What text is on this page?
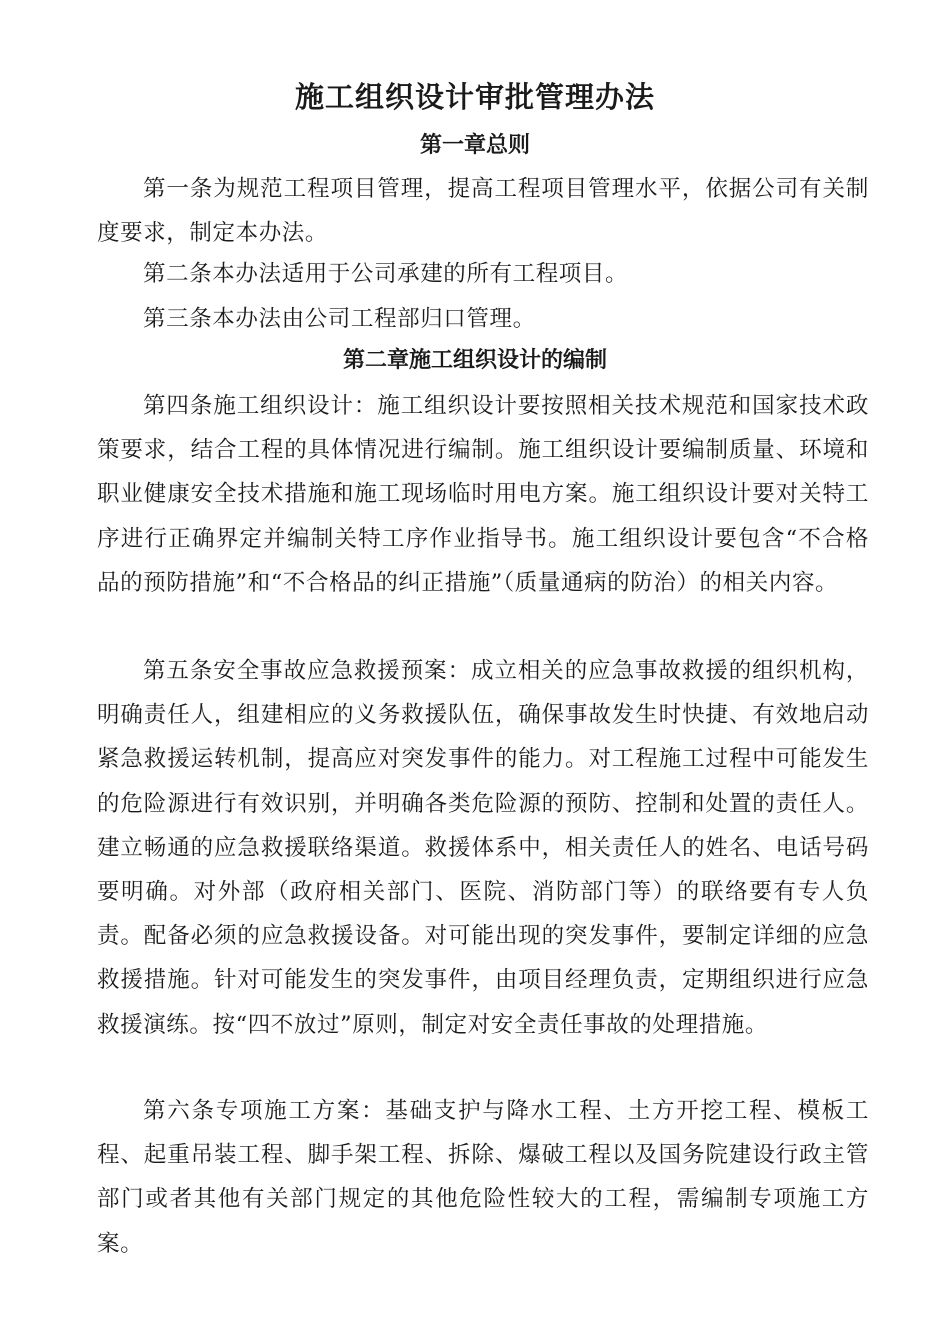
施工组织设计审批管理办法
第一章总则

第一条为规范工程项目管理，提高工程项目管理水平，依据公司有关制度要求，制定本办法。

第二条本办法适用于公司承建的所有工程项目。

第三条本办法由公司工程部归口管理。

第二章施工组织设计的编制

第四条施工组织设计：施工组织设计要按照相关技术规范和国家技术政策要求，结合工程的具体情况进行编制。施工组织设计要编制质量、环境和职业健康安全技术措施和施工现场临时用电方案。施工组织设计要对关特工序进行正确界定并编制关特工序作业指导书。施工组织设计要包含“不合格品的预防措施”和“不合格品的纠正措施”（质量通病的防治）的相关内容。

第五条安全事故应急救援预案：成立相关的应急事故救援的组织机构，明确责任人，组建相应的义务救援队伍，确保事故发生时快捷、有效地启动紧急救援运转机制，提高应对突发事件的能力。对工程施工过程中可能发生的危险源进行有效识别，并明确各类危险源的预防、控制和处置的责任人。建立畅通的应急救援联络渠道。救援体系中，相关责任人的姓名、电话号码要明确。对外部（政府相关部门、医院、消防部门等）的联络要有专人负责。配备必须的应急救援设备。对可能出现的突发事件，要制定详细的应急救援措施。针对可能发生的突发事件，由项目经理负责，定期组织进行应急救援演练。按“四不放过”原则，制定对安全责任事故的处理措施。

第六条专项施工方案：基础支护与降水工程、土方开挖工程、模板工程、起重吊装工程、脚手架工程、拆除、爆破工程以及国务院建设行政主管部门或者其他有关部门规定的其他危险性较大的工程，需编制专项施工方案。
